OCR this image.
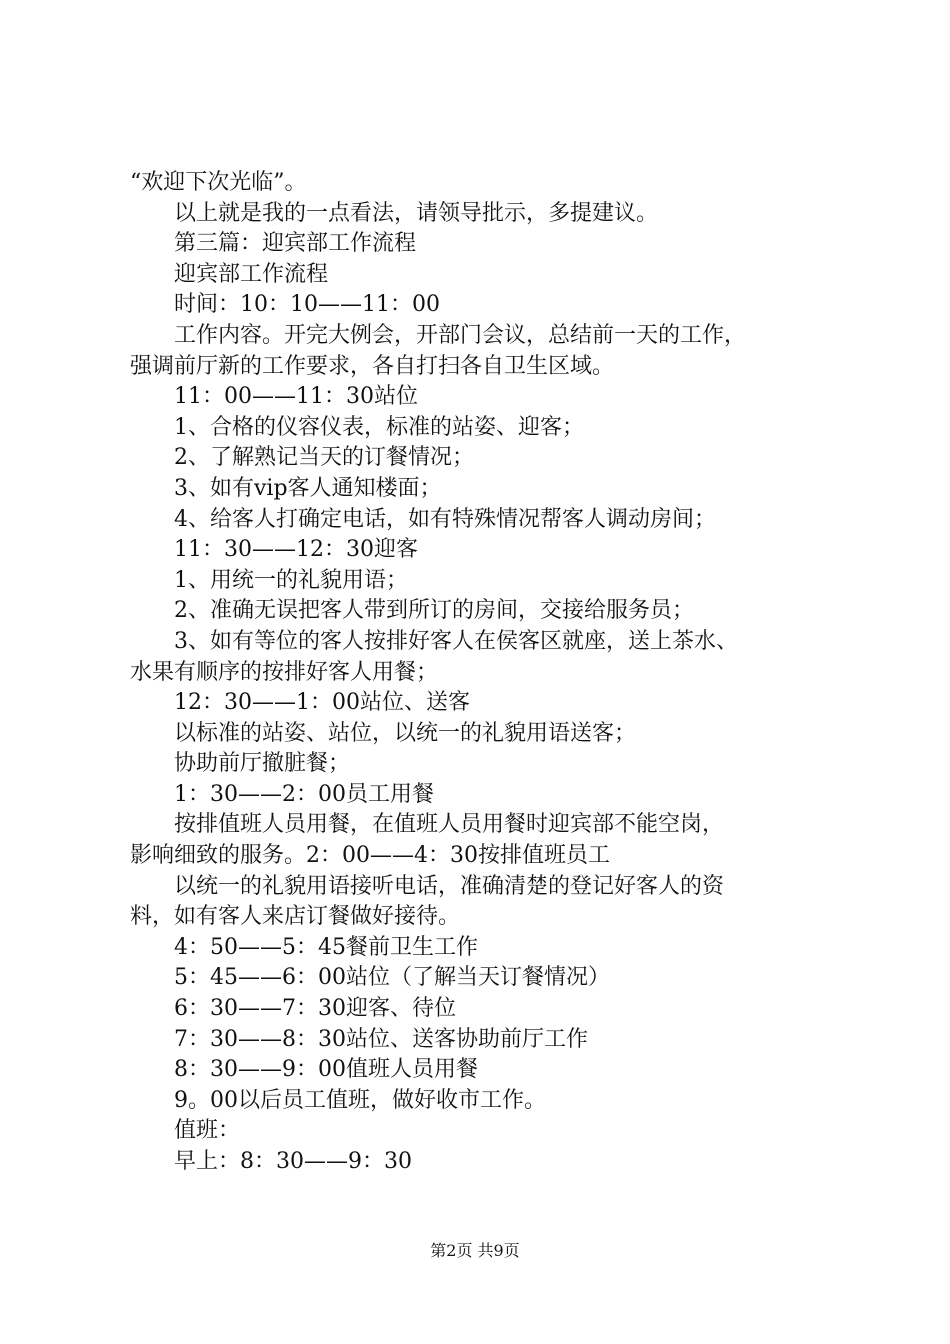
“欢迎下次光临”。
以上就是我的一点看法，请领导批示，多提建议。
第三篇：迎宾部工作流程
迎宾部工作流程
时间：10：10——11：00
工作内容。开完大例会，开部门会议，总结前一天的工作，
强调前厅新的工作要求，各自打扫各自卫生区域。
11：00——11：30站位
1、合格的仪容仪表，标准的站姿、迎客；
2、了解熟记当天的订餐情况；
3、如有vip客人通知楼面；
4、给客人打确定电话，如有特殊情况帮客人调动房间；
11：30——12：30迎客
1、用统一的礼貌用语；
2、准确无误把客人带到所订的房间，交接给服务员；
3、如有等位的客人按排好客人在侯客区就座，送上茶水、
水果有顺序的按排好客人用餐；
12：30——1：00站位、送客
以标准的站姿、站位，以统一的礼貌用语送客；
协助前厅撤脏餐；
1：30——2：00员工用餐
按排值班人员用餐，在值班人员用餐时迎宾部不能空岗，
影响细致的服务。2：00——4：30按排值班员工
以统一的礼貌用语接听电话，准确清楚的登记好客人的资
料，如有客人来店订餐做好接待。
4：50——5：45餐前卫生工作
5：45——6：00站位（了解当天订餐情况）
6：30——7：30迎客、待位
7：30——8：30站位、送客协助前厅工作
8：30——9：00值班人员用餐
9。00以后员工值班，做好收市工作。
值班：
早上：8：30——9：30
第2页 共9页
